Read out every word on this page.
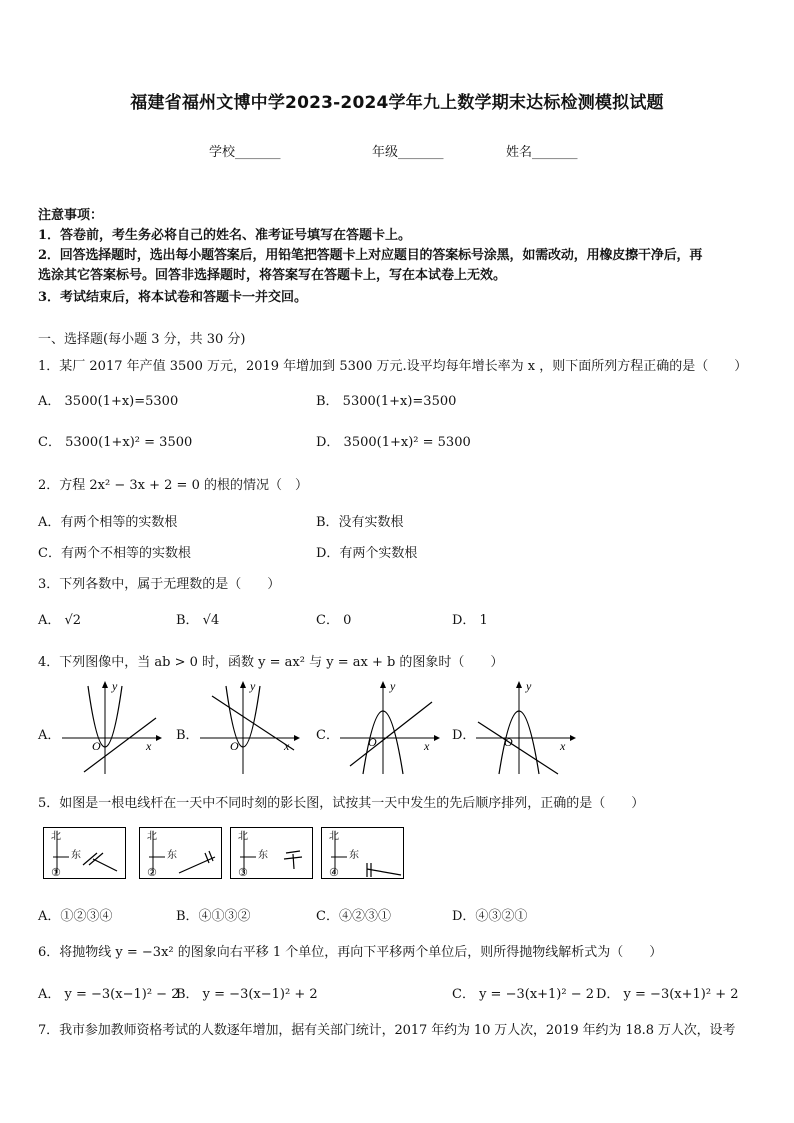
福建省福州文博中学2023-2024学年九上数学期末达标检测模拟试题
学校_______	年级_______	姓名_______
注意事项：
1．答卷前，考生务必将自己的姓名、准考证号填写在答题卡上。
2．回答选择题时，选出每小题答案后，用铅笔把答题卡上对应题目的答案标号涂黑，如需改动，用橡皮擦干净后，再
选涂其它答案标号。回答非选择题时，将答案写在答题卡上，写在本试卷上无效。
3．考试结束后，将本试卷和答题卡一并交回。
一、选择题(每小题 3 分，共 30 分)
1．某厂 2017 年产值 3500 万元，2019 年增加到 5300 万元.设平均每年增长率为 x ，则下面所列方程正确的是（　　）
A． 3500(1+x)=5300	B． 5300(1+x)=3500
C． 5300(1+x)² = 3500	D． 3500(1+x)² = 5300
2．方程 2x² − 3x + 2 = 0 的根的情况（　）
A．有两个相等的实数根	B．没有实数根
C．有两个不相等的实数根	D．有两个实数根
3．下列各数中，属于无理数的是（　　）
A． √2	B． √4	C． 0	D． 1
4．下列图像中，当 ab > 0 时，函数 y = ax² 与 y = ax + b 的图象时（　　）
A．	B．	C．	D．
y
x
O
y
x
O
y
x
O
y
x
O
5．如图是一根电线杆在一天中不同时刻的影长图，试按其一天中发生的先后顺序排列，正确的是（　　）
北
东
①
北
东
②
北
东
③
北
东
④
A．①②③④	B．④①③②	C．④②③①	D．④③②①
6．将抛物线 y = −3x² 的图象向右平移 1 个单位，再向下平移两个单位后，则所得抛物线解析式为（　　）
A． y = −3(x−1)² − 2
B． y = −3(x−1)² + 2	C． y = −3(x+1)² − 2 D． y = −3(x+1)² + 2
7．我市参加教师资格考试的人数逐年增加，据有关部门统计，2017 年约为 10 万人次，2019 年约为 18.8 万人次，设考
